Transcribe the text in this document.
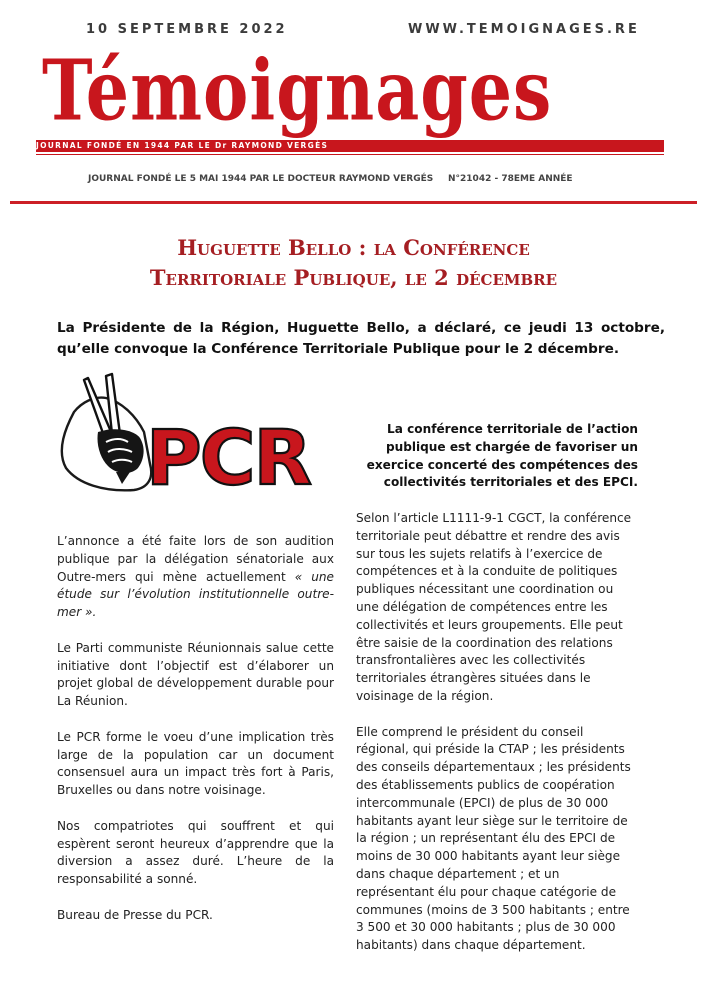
10 SEPTEMBRE 2022	WWW.TEMOIGNAGES.RE
Témoignages
JOURNAL FONDÉ EN 1944 PAR LE Dr RAYMOND VERGÈS
JOURNAL FONDÉ LE 5 MAI 1944 PAR LE DOCTEUR RAYMOND VERGÉS N°21042 - 78EME ANNÉE
Huguette Bello : la Conférence
Territoriale Publique, le 2 décembre
La Présidente de la Région, Huguette Bello, a déclaré, ce jeudi 13 octobre, qu’elle convoque la Conférence Territoriale Publique pour le 2 décembre.
PCR

L’annonce a été faite lors de son audition publique par la délégation sénatoriale aux Outre-mers qui mène actuellement « une étude sur l’évolution institutionnelle outre-mer ».

Le Parti communiste Réunionnais salue cette initiative dont l’objectif est d’élaborer un projet global de développement durable pour La Réunion.

Le PCR forme le voeu d’une implication très large de la population car un document consensuel aura un impact très fort à Paris, Bruxelles ou dans notre voisinage.

Nos compatriotes qui souffrent et qui espèrent seront heureux d’apprendre que la diversion a assez duré. L’heure de la responsabilité a sonné.

Bureau de Presse du PCR.

La conférence territoriale de l’action publique est chargée de favoriser un exercice concerté des compétences des collectivités territoriales et des EPCI.

Selon l’article L1111-9-1 CGCT, la conférence territoriale peut débattre et rendre des avis sur tous les sujets relatifs à l’exercice de compétences et à la conduite de politiques publiques nécessitant une coordination ou une délégation de compétences entre les collectivités et leurs groupements. Elle peut être saisie de la coordination des relations transfrontalières avec les collectivités territoriales étrangères situées dans le voisinage de la région.

Elle comprend le président du conseil régional, qui préside la CTAP ; les présidents des conseils départementaux ; les présidents des établissements publics de coopération intercommunale (EPCI) de plus de 30 000 habitants ayant leur siège sur le territoire de la région ; un représentant élu des EPCI de moins de 30 000 habitants ayant leur siège dans chaque département ; et un représentant élu pour chaque catégorie de communes (moins de 3 500 habitants ; entre 3 500 et 30 000 habitants ; plus de 30 000 habitants) dans chaque département.
